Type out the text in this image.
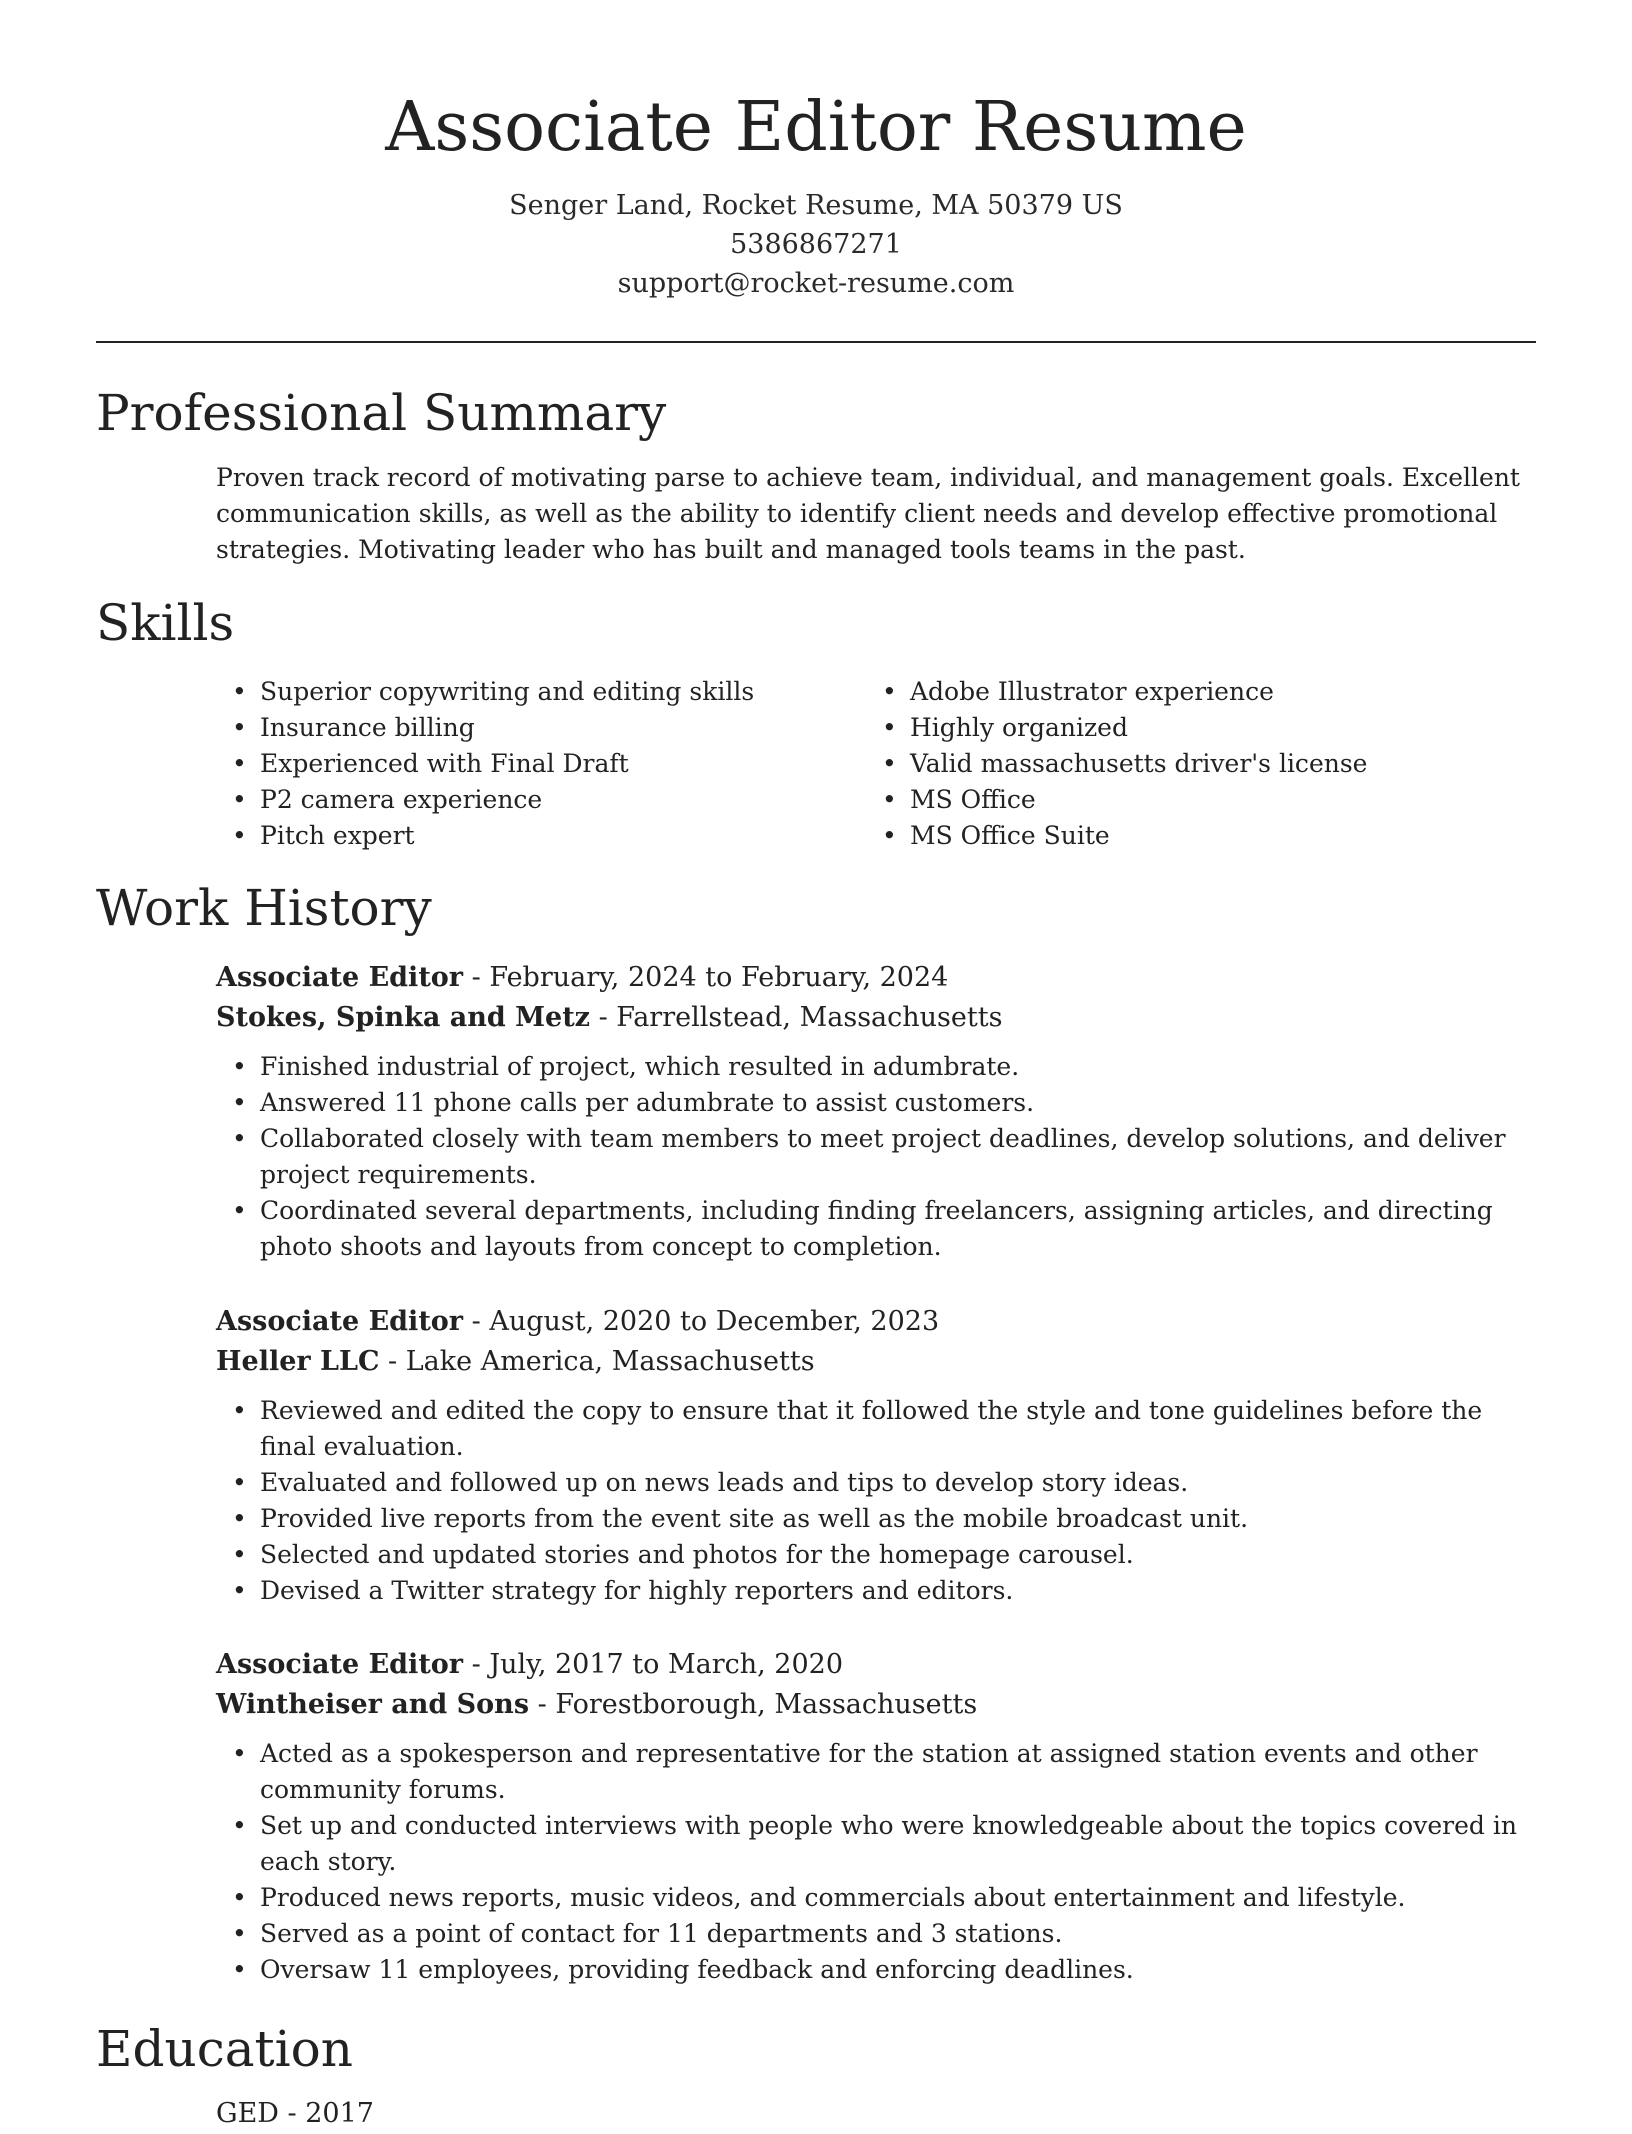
Associate Editor Resume
Senger Land, Rocket Resume, MA 50379 US
5386867271
support@rocket-resume.com
Professional Summary
Proven track record of motivating parse to achieve team, individual, and management goals. Excellent communication skills, as well as the ability to identify client needs and develop effective promotional strategies. Motivating leader who has built and managed tools teams in the past.
Skills
• Superior copywriting and editing skills
• Insurance billing
• Experienced with Final Draft
• P2 camera experience
• Pitch expert
• Adobe Illustrator experience
• Highly organized
• Valid massachusetts driver's license
• MS Office
• MS Office Suite
Work History
Associate Editor - February, 2024 to February, 2024
Stokes, Spinka and Metz - Farrellstead, Massachusetts
• Finished industrial of project, which resulted in adumbrate.
• Answered 11 phone calls per adumbrate to assist customers.
• Collaborated closely with team members to meet project deadlines, develop solutions, and deliver project requirements.
• Coordinated several departments, including finding freelancers, assigning articles, and directing photo shoots and layouts from concept to completion.
Associate Editor - August, 2020 to December, 2023
Heller LLC - Lake America, Massachusetts
• Reviewed and edited the copy to ensure that it followed the style and tone guidelines before the final evaluation.
• Evaluated and followed up on news leads and tips to develop story ideas.
• Provided live reports from the event site as well as the mobile broadcast unit.
• Selected and updated stories and photos for the homepage carousel.
• Devised a Twitter strategy for highly reporters and editors.
Associate Editor - July, 2017 to March, 2020
Wintheiser and Sons - Forestborough, Massachusetts
• Acted as a spokesperson and representative for the station at assigned station events and other community forums.
• Set up and conducted interviews with people who were knowledgeable about the topics covered in each story.
• Produced news reports, music videos, and commercials about entertainment and lifestyle.
• Served as a point of contact for 11 departments and 3 stations.
• Oversaw 11 employees, providing feedback and enforcing deadlines.
Education
GED - 2017
